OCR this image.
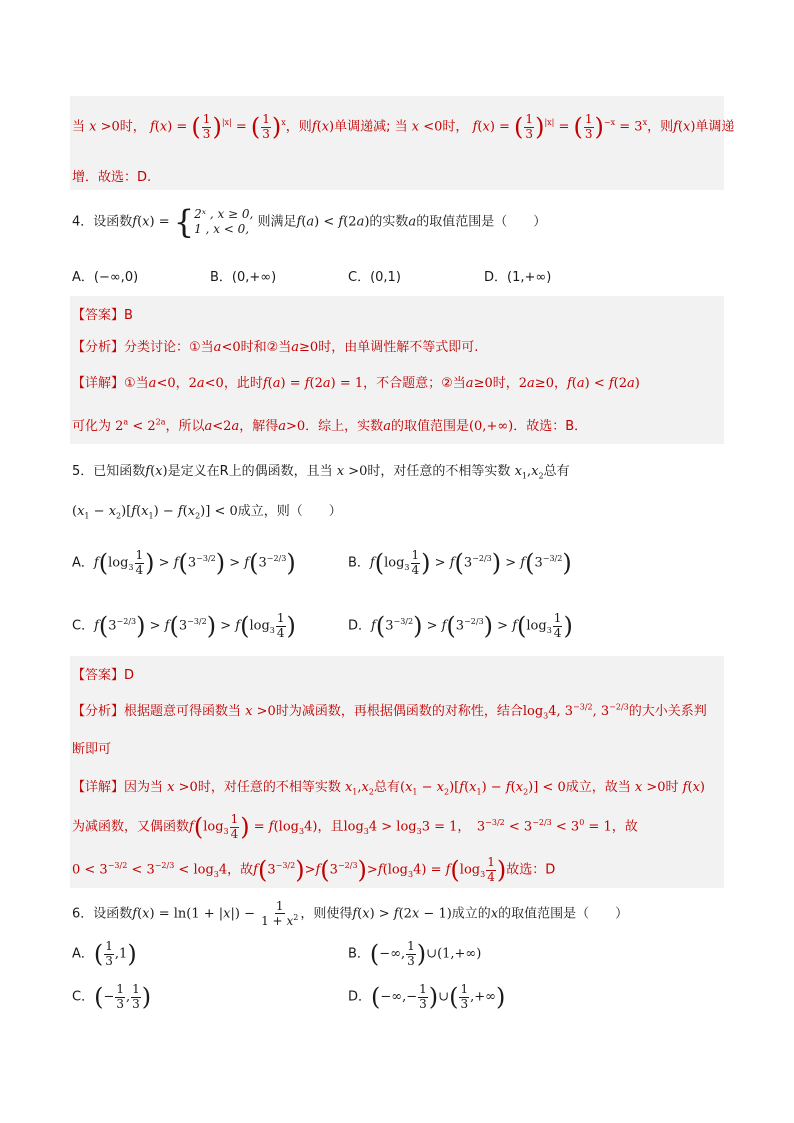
当 x >0时， f(x) = ( $\frac{1}{3} )^{|x|}$ = ( $\frac{1}{3} )^x$，则f(x)单调递减; 当 x <0时， f(x) = ( $\frac{1}{3} )^{|x|}$ = ( $\frac{1}{3} )^{-x} = 3^x$，则f(x)单调递
增．故选：D.
4．设函数f(x) = { 2ˣ , x ≥ 0,
1 , x < 0, 则满足f(a) < f(2a)的实数a的取值范围是（　　）
A．(−∞,0)	B．(0,+∞)	C．(0,1)	D．(1,+∞)
【答案】B
【分析】分类讨论：①当a<0时和②当a≥0时，由单调性解不等式即可.
【详解】①当a<0，2a<0，此时f(a) = f(2a) = 1，不合题意；②当a≥0时，2a≥0，f(a) < f(2a)
可化为 $2^a < 2^{2a}$，所以a<2a，解得a>0．综上，实数a的取值范围是(0,+∞)．故选：B．
5．已知函数f(x)是定义在R上的偶函数，且当 x >0时，对任意的不相等实数 $x_1,x_2$总有
$(x_1 - x_2)[f(x_1) - f(x_2)] < 0$成立，则（　　）
A．$f(\log_3 \frac{1}{4}$ ) > $f(3^{-3/2}) > f(3^{-2/3})$	B．$f(\log_3 \frac{1}{4}$ ) > $f(3^{-2/3}) > f(3^{-3/2})$
C．$f(3^{-2/3}) > f(3^{-3/2}) > f(\log_3 \frac{1}{4}$ )	D．$f(3^{-3/2}) > f(3^{-2/3}) > f(\log_3 \frac{1}{4}$ )
【答案】D
【分析】根据题意可得函数当 x >0时为减函数，再根据偶函数的对称性，结合$\log_34$, $3^{-3/2}$, $3^{-2/3}$的大小关系判
断即可
【详解】因为当 x >0时，对任意的不相等实数 $x_1,x_2$总有$(x_1 - x_2)[f(x_1) - f(x_2)] < 0$成立，故当 x >0时 f(x)
为减函数，又偶函数$f(\log_3 \frac{1}{4}$ ) = $f(\log_34)$，且$\log_34 > \log_33 = 1$，　$3^{-3/2} < 3^{-2/3} < 3^0 = 1$，故
$0 < 3^{-3/2} < 3^{-2/3} < \log_34$，故$f(3^{-3/2})>f(3^{-2/3})>f(\log_34) = f(\log_3 \frac{1}{4}$ )故选：D
6．设函数$f(x) = \ln(1 + |x|) - \frac{1}{1 + x^2}$ ，则使得f(x) > f(2x − 1)成立的x的取值范围是（　　）
A．( $\frac{1}{3} ,1$)	B．(−∞, $\frac{1}{3}$ )∪(1,+∞)
C．(− $\frac{1}{3}$ , $\frac{1}{3}$ )	D．(−∞,− $\frac{1}{3}$ )∪( $\frac{1}{3}$ ,+∞)
